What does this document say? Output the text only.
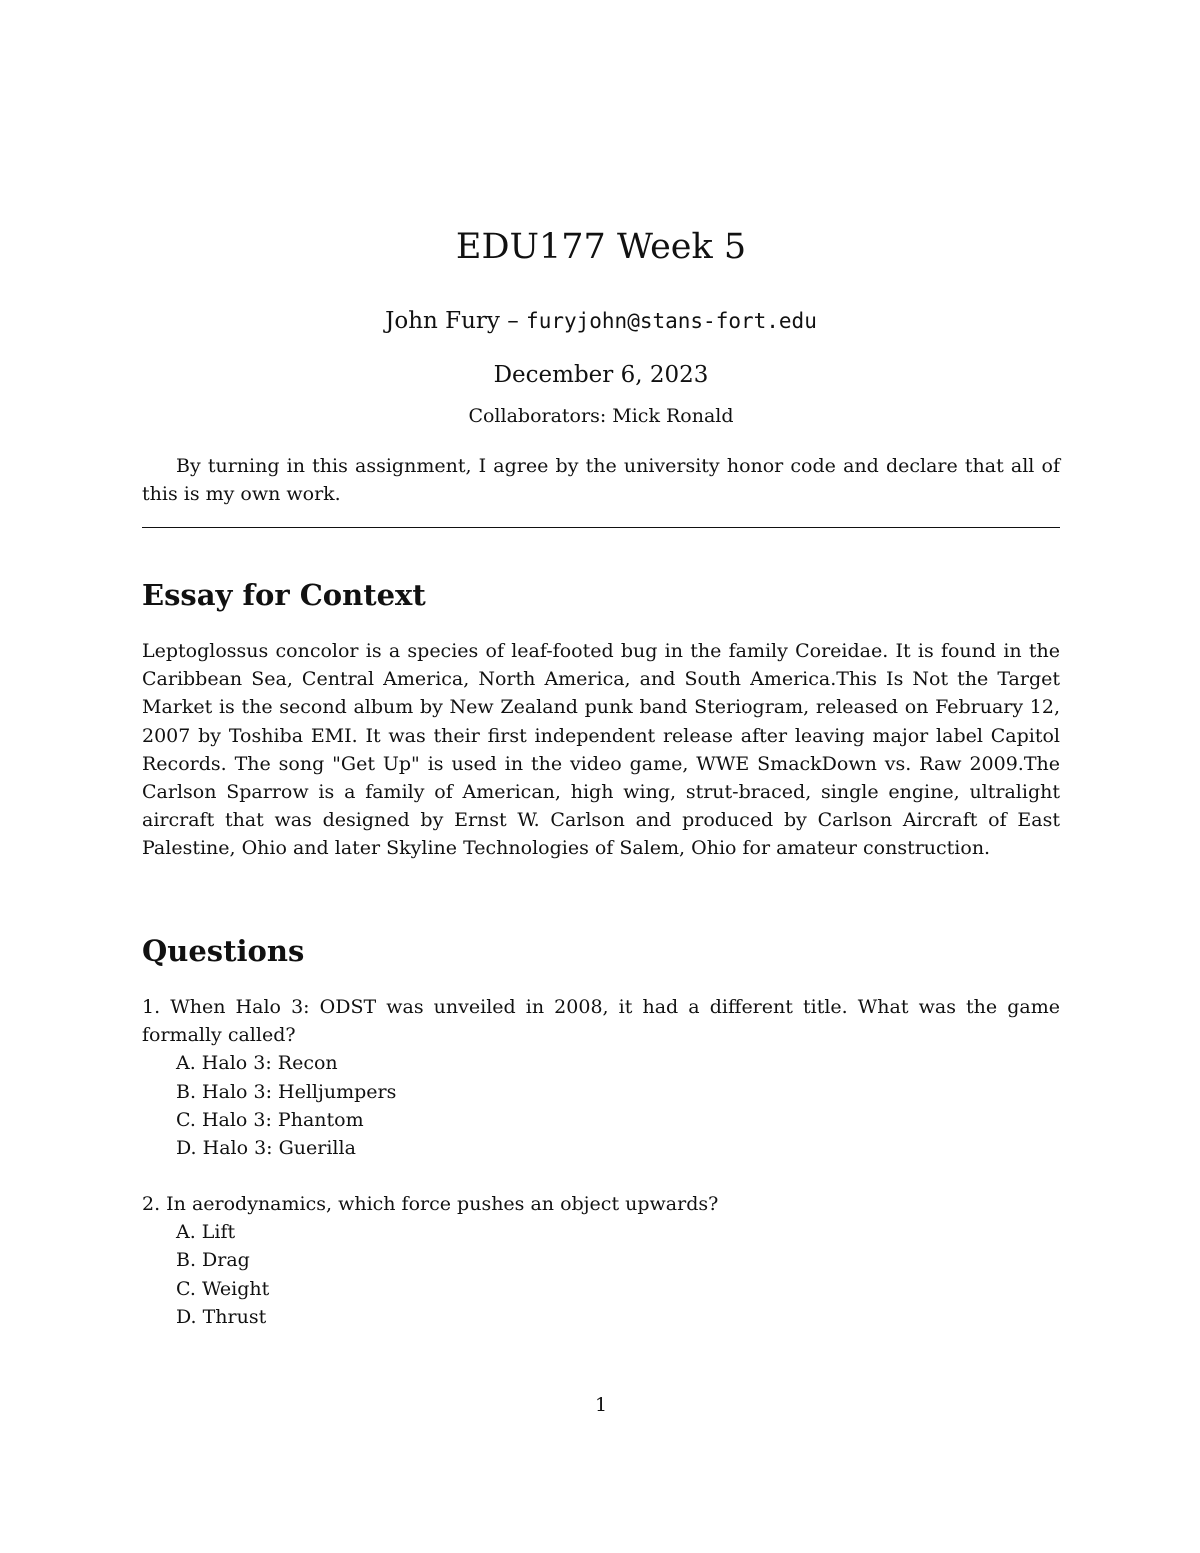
EDU177 Week 5
John Fury – furyjohn@stans-fort.edu
December 6, 2023
Collaborators: Mick Ronald

By turning in this assignment, I agree by the university honor code and declare that all of this is my own work.

Essay for Context

Leptoglossus concolor is a species of leaf-footed bug in the family Coreidae. It is found in the Caribbean Sea, Central America, North America, and South America.This Is Not the Target Market is the second album by New Zealand punk band Steriogram, released on February 12, 2007 by Toshiba EMI. It was their first independent release after leaving major label Capitol Records. The song "Get Up" is used in the video game, WWE SmackDown vs. Raw 2009.The Carlson Sparrow is a family of American, high wing, strut-braced, single engine, ultralight aircraft that was designed by Ernst W. Carlson and produced by Carlson Aircraft of East Palestine, Ohio and later Skyline Technologies of Salem, Ohio for amateur construction.

Questions

1. When Halo 3: ODST was unveiled in 2008, it had a different title. What was the game formally called?

A. Halo 3: Recon
B. Halo 3: Helljumpers
C. Halo 3: Phantom
D. Halo 3: Guerilla

2. In aerodynamics, which force pushes an object upwards?

A. Lift
B. Drag
C. Weight
D. Thrust
1
